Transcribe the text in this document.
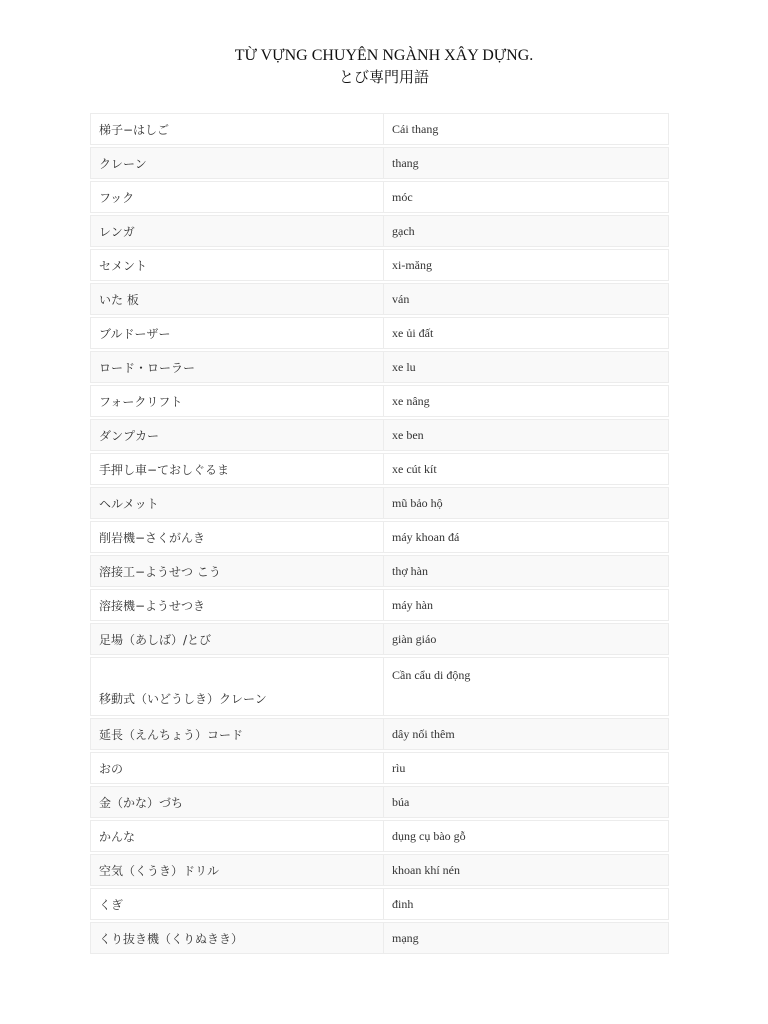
TỪ VỰNG CHUYÊN NGÀNH XÂY DỰNG.
とび専門用語
梯子−はしご	Cái thang
クレーン	thang
フック	móc
レンガ	gạch
セメント	xi-măng
いた 板	ván
ブルドーザー	xe ủi đất
ロード・ローラー	xe lu
フォークリフト	xe nâng
ダンプカー	xe ben
手押し車−ておしぐるま	xe cút kít
ヘルメット	mũ bảo hộ
削岩機−さくがんき	máy khoan đá
溶接工−ようせつ こう	thợ hàn
溶接機−ようせつき	máy hàn
足場（あしば）/とび	giàn giáo
移動式（いどうしき）クレーン	Cần cẩu di động
延長（えんちょう）コード	dây nối thêm
おの	rìu
金（かな）づち	búa
かんな	dụng cụ bào gỗ
空気（くうき）ドリル	khoan khí nén
くぎ	đinh
くり抜き機（くりぬきき）	mạng
